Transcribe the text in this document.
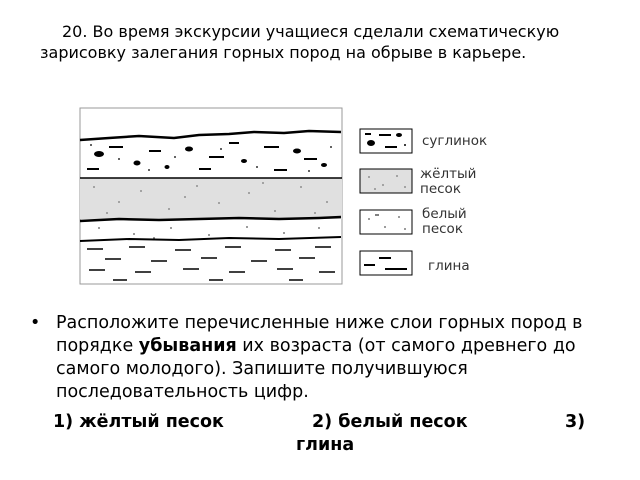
20. Во время экскурсии учащиеся сделали схематическую зарисовку залегания горных пород на обрыве в карьере.
суглинок
жёлтый
песок
белый
песок
глина
• Расположите перечисленные ниже слои горных пород в порядке убывания их возраста (от самого древнего до самого молодого). Запишите получившуюся последовательность цифр.
1) жёлтый песок	2) белый песок	3)
глина
